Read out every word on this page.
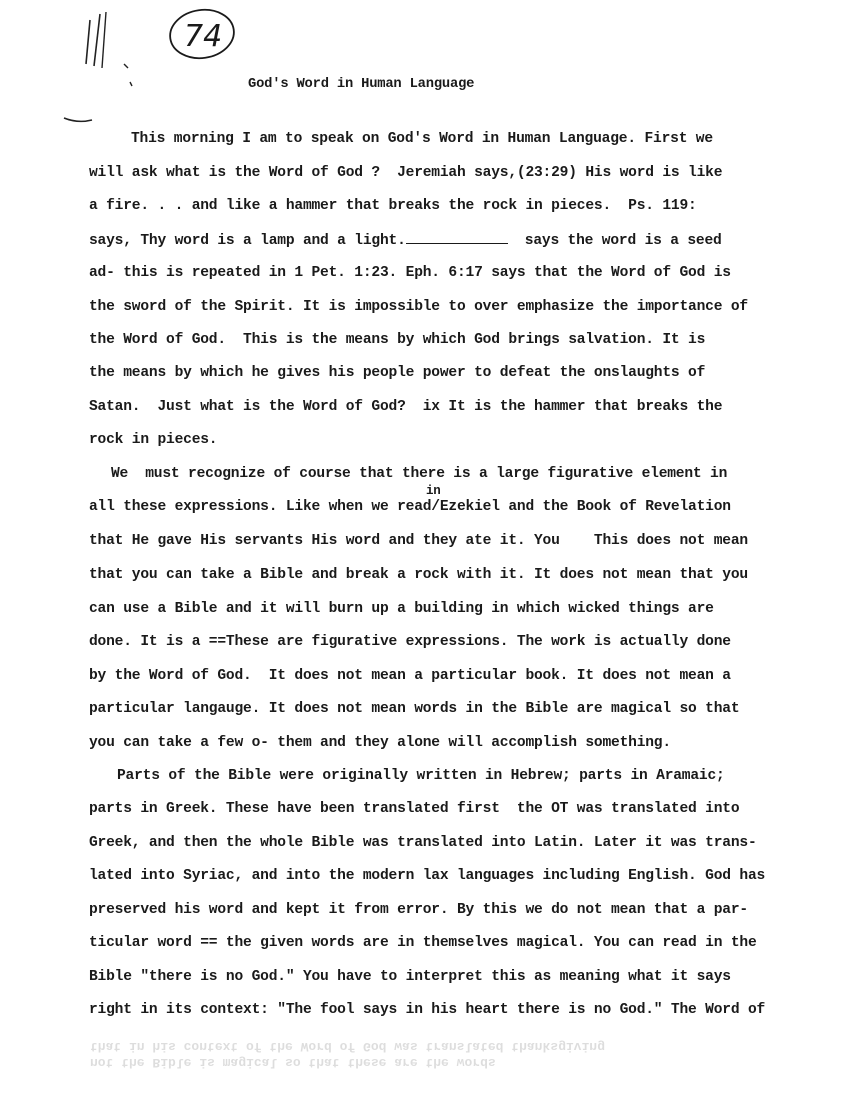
74
God's Word in Human Language
This morning I am to speak on God's Word in Human Language. First we
will ask what is the Word of God ?  Jeremiah says,(23:29) His word is like
a fire. . . and like a hammer that breaks the rock in pieces.  Ps. 119:
says, Thy word is a lamp and a light.	says the word is a seed
ad- this is repeated in 1 Pet. 1:23. Eph. 6:17 says that the Word of God is
the sword of the Spirit. It is impossible to over emphasize the importance of
the Word of God.  This is the means by which God brings salvation. It is
the means by which he gives his people power to defeat the onslaughts of
Satan.  Just what is the Word of God?  ix It is the hammer that breaks the
rock in pieces.
We  must recognize of course that there is a large figurative element in
in
all these expressions. Like when we read/Ezekiel and the Book of Revelation
that He gave His servants His word and they ate it. You    This does not mean
that you can take a Bible and break a rock with it. It does not mean that you
can use a Bible and it will burn up a building in which wicked things are
done. It is a ==These are figurative expressions. The work is actually done
by the Word of God.  It does not mean a particular book. It does not mean a
particular langauge. It does not mean words in the Bible are magical so that
you can take a few o- them and they alone will accomplish something.
Parts of the Bible were originally written in Hebrew; parts in Aramaic;
parts in Greek. These have been translated first  the OT was translated into
Greek, and then the whole Bible was translated into Latin. Later it was trans-
lated into Syriac, and into the modern lax languages including English. God has
preserved his word and kept it from error. By this we do not mean that a par-
ticular word == the given words are in themselves magical. You can read in the
Bible "there is no God." You have to interpret this as meaning what it says
right in its context: "The fool says in his heart there is no God." The Word of
not the Bible is magical so that these are the words
that in his context of the Word of God was translated thanksgiving
